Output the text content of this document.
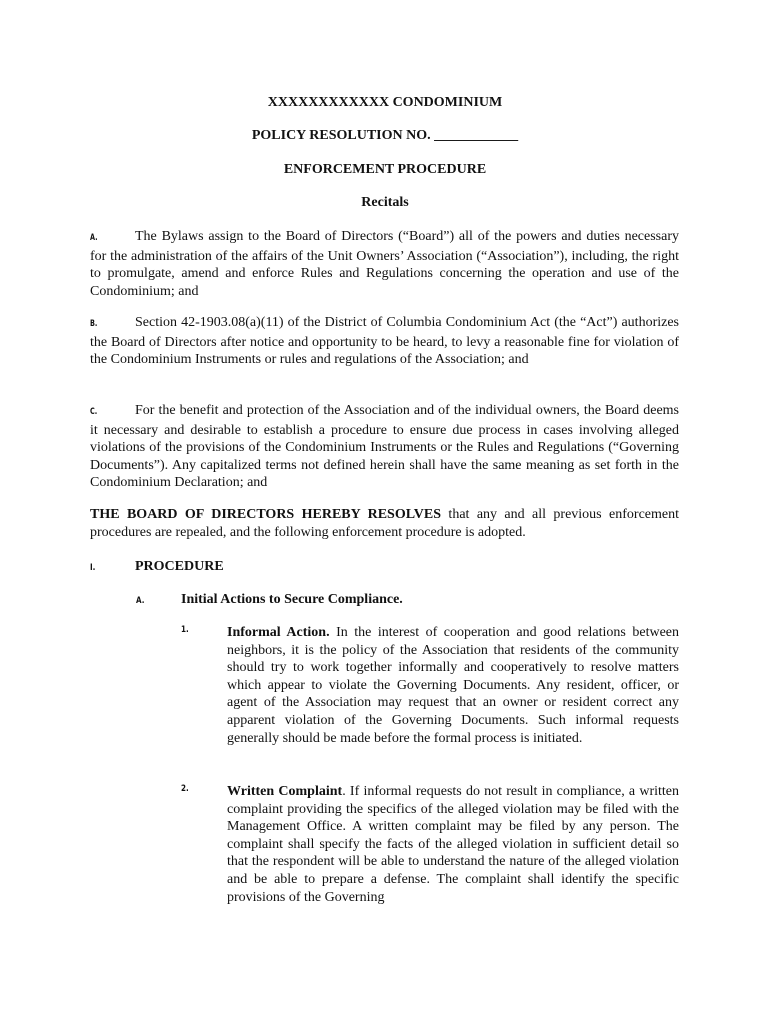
XXXXXXXXXXXX CONDOMINIUM
POLICY RESOLUTION NO. ____________
ENFORCEMENT PROCEDURE
Recitals
A.	The Bylaws assign to the Board of Directors (“Board”) all of the powers and duties necessary for the administration of the affairs of the Unit Owners’ Association (“Association”), including, the right to promulgate, amend and enforce Rules and Regulations concerning the operation and use of the Condominium; and
B.	Section 42-1903.08(a)(11) of the District of Columbia Condominium Act (the “Act”) authorizes the Board of Directors after notice and opportunity to be heard, to levy a reasonable fine for violation of the Condominium Instruments or rules and regulations of the Association; and
C.	For the benefit and protection of the Association and of the individual owners, the Board deems it necessary and desirable to establish a procedure to ensure due process in cases involving alleged violations of the provisions of the Condominium Instruments or the Rules and Regulations (“Governing Documents”). Any capitalized terms not defined herein shall have the same meaning as set forth in the Condominium Declaration; and
THE BOARD OF DIRECTORS HEREBY RESOLVES that any and all previous enforcement procedures are repealed, and the following enforcement procedure is adopted.
I.	PROCEDURE
A.	Initial Actions to Secure Compliance.
1.	Informal Action. In the interest of cooperation and good relations between neighbors, it is the policy of the Association that residents of the community should try to work together informally and cooperatively to resolve matters which appear to violate the Governing Documents. Any resident, officer, or agent of the Association may request that an owner or resident correct any apparent violation of the Governing Documents. Such informal requests generally should be made before the formal process is initiated.
2.	Written Complaint. If informal requests do not result in compliance, a written complaint providing the specifics of the alleged violation may be filed with the Management Office. A written complaint may be filed by any person. The complaint shall specify the facts of the alleged violation in sufficient detail so that the respondent will be able to understand the nature of the alleged violation and be able to prepare a defense. The complaint shall identify the specific provisions of the Governing
